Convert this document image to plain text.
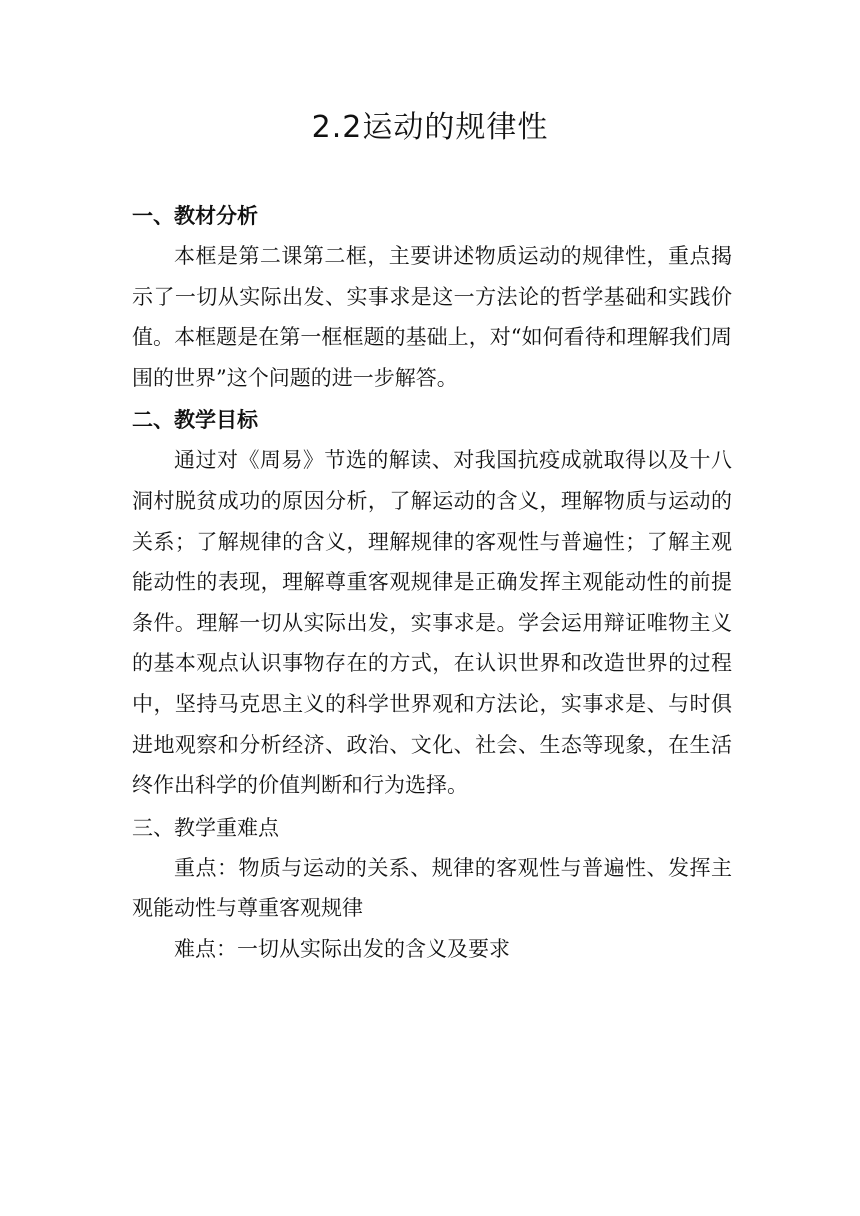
2.2运动的规律性
一、教材分析

本框是第二课第二框，主要讲述物质运动的规律性，重点揭示了一切从实际出发、实事求是这一方法论的哲学基础和实践价值。本框题是在第一框框题的基础上，对“如何看待和理解我们周围的世界”这个问题的进一步解答。

二、教学目标

通过对《周易》节选的解读、对我国抗疫成就取得以及十八洞村脱贫成功的原因分析，了解运动的含义，理解物质与运动的关系；了解规律的含义，理解规律的客观性与普遍性；了解主观能动性的表现，理解尊重客观规律是正确发挥主观能动性的前提条件。理解一切从实际出发，实事求是。学会运用辩证唯物主义的基本观点认识事物存在的方式，在认识世界和改造世界的过程中，坚持马克思主义的科学世界观和方法论，实事求是、与时俱进地观察和分析经济、政治、文化、社会、生态等现象，在生活终作出科学的价值判断和行为选择。

三、教学重难点

重点：物质与运动的关系、规律的客观性与普遍性、发挥主观能动性与尊重客观规律

难点：一切从实际出发的含义及要求
